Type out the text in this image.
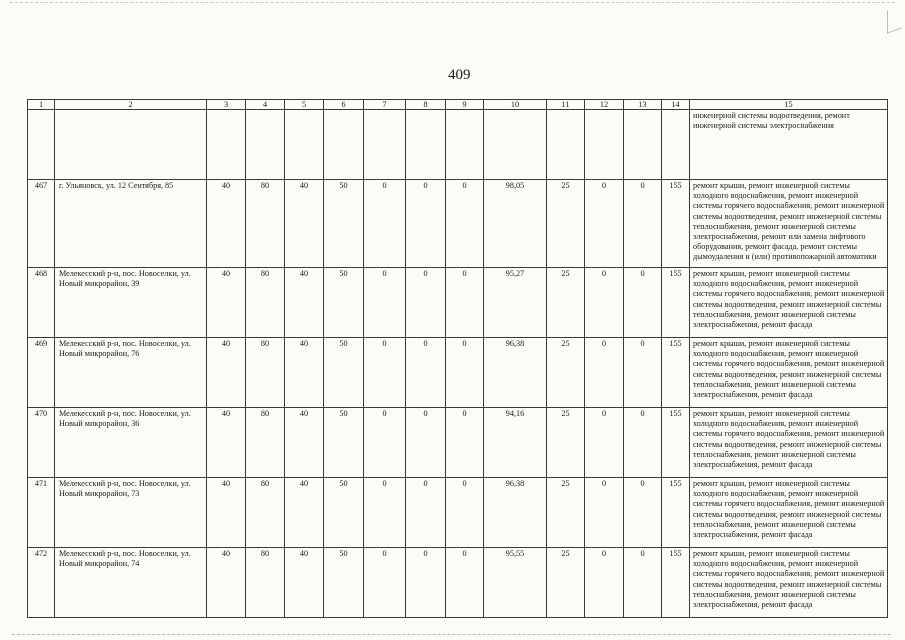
409
1	2	3	4	5	6	7	8	9	10	11	12	13	14	15
														инженерной системы водоотведения, ремонт инженерной системы электроснабжения
467	г. Ульяновск, ул. 12 Сентября, 85	40	80	40	50	0	0	0	98,05	25	0	0	155	ремонт крыши, ремонт инженерной системы холодного водоснабжения, ремонт инженерной системы горячего водоснабжения, ремонт инженерной системы водоотведения, ремонт инженерной системы теплоснабжения, ремонт инженерной системы электроснабжения, ремонт или замена лифтового оборудования, ремонт фасада, ремонт системы дымоудаления и (или) противопожарной автоматики
468	Мелекесский р-н, пос. Новоселки, ул. Новый микрорайон, 39	40	80	40	50	0	0	0	95,27	25	0	0	155	ремонт крыши, ремонт инженерной системы холодного водоснабжения, ремонт инженерной системы горячего водоснабжения, ремонт инженерной системы водоотведения, ремонт инженерной системы теплоснабжения, ремонт инженерной системы электроснабжения, ремонт фасада
469	Мелекесский р-н, пос. Новоселки, ул. Новый микрорайон, 76	40	80	40	50	0	0	0	96,38	25	0	0	155	ремонт крыши, ремонт инженерной системы холодного водоснабжения, ремонт инженерной системы горячего водоснабжения, ремонт инженерной системы водоотведения, ремонт инженерной системы теплоснабжения, ремонт инженерной системы электроснабжения, ремонт фасада
470	Мелекесский р-н, пос. Новоселки, ул. Новый микрорайон, 36	40	80	40	50	0	0	0	94,16	25	0	0	155	ремонт крыши, ремонт инженерной системы холодного водоснабжения, ремонт инженерной системы горячего водоснабжения, ремонт инженерной системы водоотведения, ремонт инженерной системы теплоснабжения, ремонт инженерной системы электроснабжения, ремонт фасада
471	Мелекесский р-н, пос. Новоселки, ул. Новый микрорайон, 73	40	80	40	50	0	0	0	96,38	25	0	0	155	ремонт крыши, ремонт инженерной системы холодного водоснабжения, ремонт инженерной системы горячего водоснабжения, ремонт инженерной системы водоотведения, ремонт инженерной системы теплоснабжения, ремонт инженерной системы электроснабжения, ремонт фасада
472	Мелекесский р-н, пос. Новоселки, ул. Новый микрорайон, 74	40	80	40	50	0	0	0	95,55	25	0	0	155	ремонт крыши, ремонт инженерной системы холодного водоснабжения, ремонт инженерной системы горячего водоснабжения, ремонт инженерной системы водоотведения, ремонт инженерной системы теплоснабжения, ремонт инженерной системы электроснабжения, ремонт фасада
